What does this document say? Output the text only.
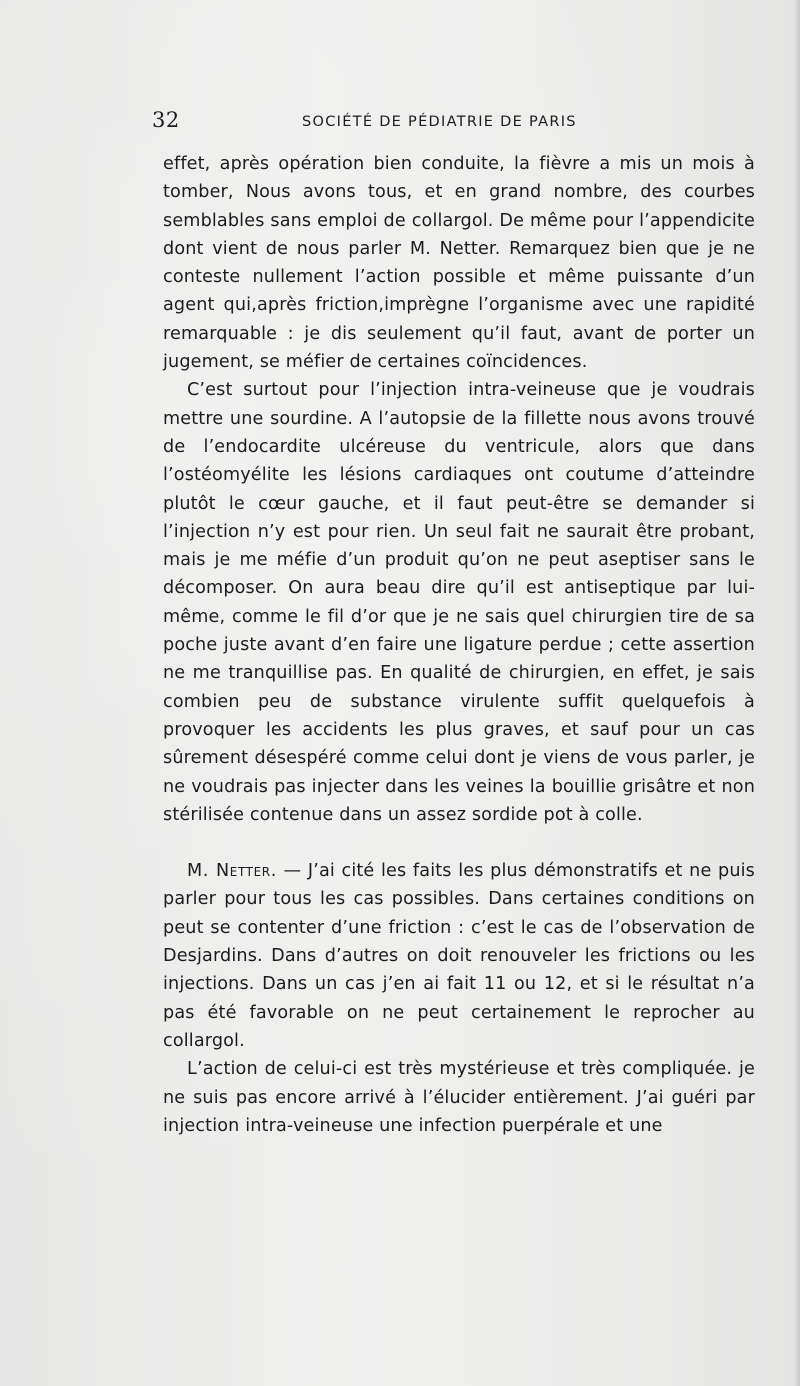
32	SOCIÉTÉ DE PÉDIATRIE DE PARIS

effet, après opération bien conduite, la fièvre a mis un mois à tomber, Nous avons tous, et en grand nombre, des courbes semblables sans emploi de collargol. De même pour l’appendicite dont vient de nous parler M. Netter. Remarquez bien que je ne conteste nullement l’action possible et même puissante d’un agent qui,après friction,imprègne l’organisme avec une rapidité remarquable : je dis seulement qu’il faut, avant de porter un jugement, se méfier de certaines coïncidences.

C’est surtout pour l’injection intra-veineuse que je voudrais mettre une sourdine. A l’autopsie de la fillette nous avons trouvé de l’endocardite ulcéreuse du ventricule, alors que dans l’ostéomyélite les lésions cardiaques ont coutume d’atteindre plutôt le cœur gauche, et il faut peut-être se demander si l’injection n’y est pour rien. Un seul fait ne saurait être probant, mais je me méfie d’un produit qu’on ne peut aseptiser sans le décomposer. On aura beau dire qu’il est antiseptique par lui-même, comme le fil d’or que je ne sais quel chirurgien tire de sa poche juste avant d’en faire une ligature perdue ; cette assertion ne me tranquillise pas. En qualité de chirurgien, en effet, je sais combien peu de substance virulente suffit quelquefois à provoquer les accidents les plus graves, et sauf pour un cas sûrement désespéré comme celui dont je viens de vous parler, je ne voudrais pas injecter dans les veines la bouillie grisâtre et non stérilisée contenue dans un assez sordide pot à colle.

M. Netter. — J’ai cité les faits les plus démonstratifs et ne puis parler pour tous les cas possibles. Dans certaines conditions on peut se contenter d’une friction : c’est le cas de l’observation de Desjardins. Dans d’autres on doit renouveler les frictions ou les injections. Dans un cas j’en ai fait 11 ou 12, et si le résultat n’a pas été favorable on ne peut certainement le reprocher au collargol.

L’action de celui-ci est très mystérieuse et très compliquée. je ne suis pas encore arrivé à l’élucider entièrement. J’ai guéri par injection intra-veineuse une infection puerpérale et une
